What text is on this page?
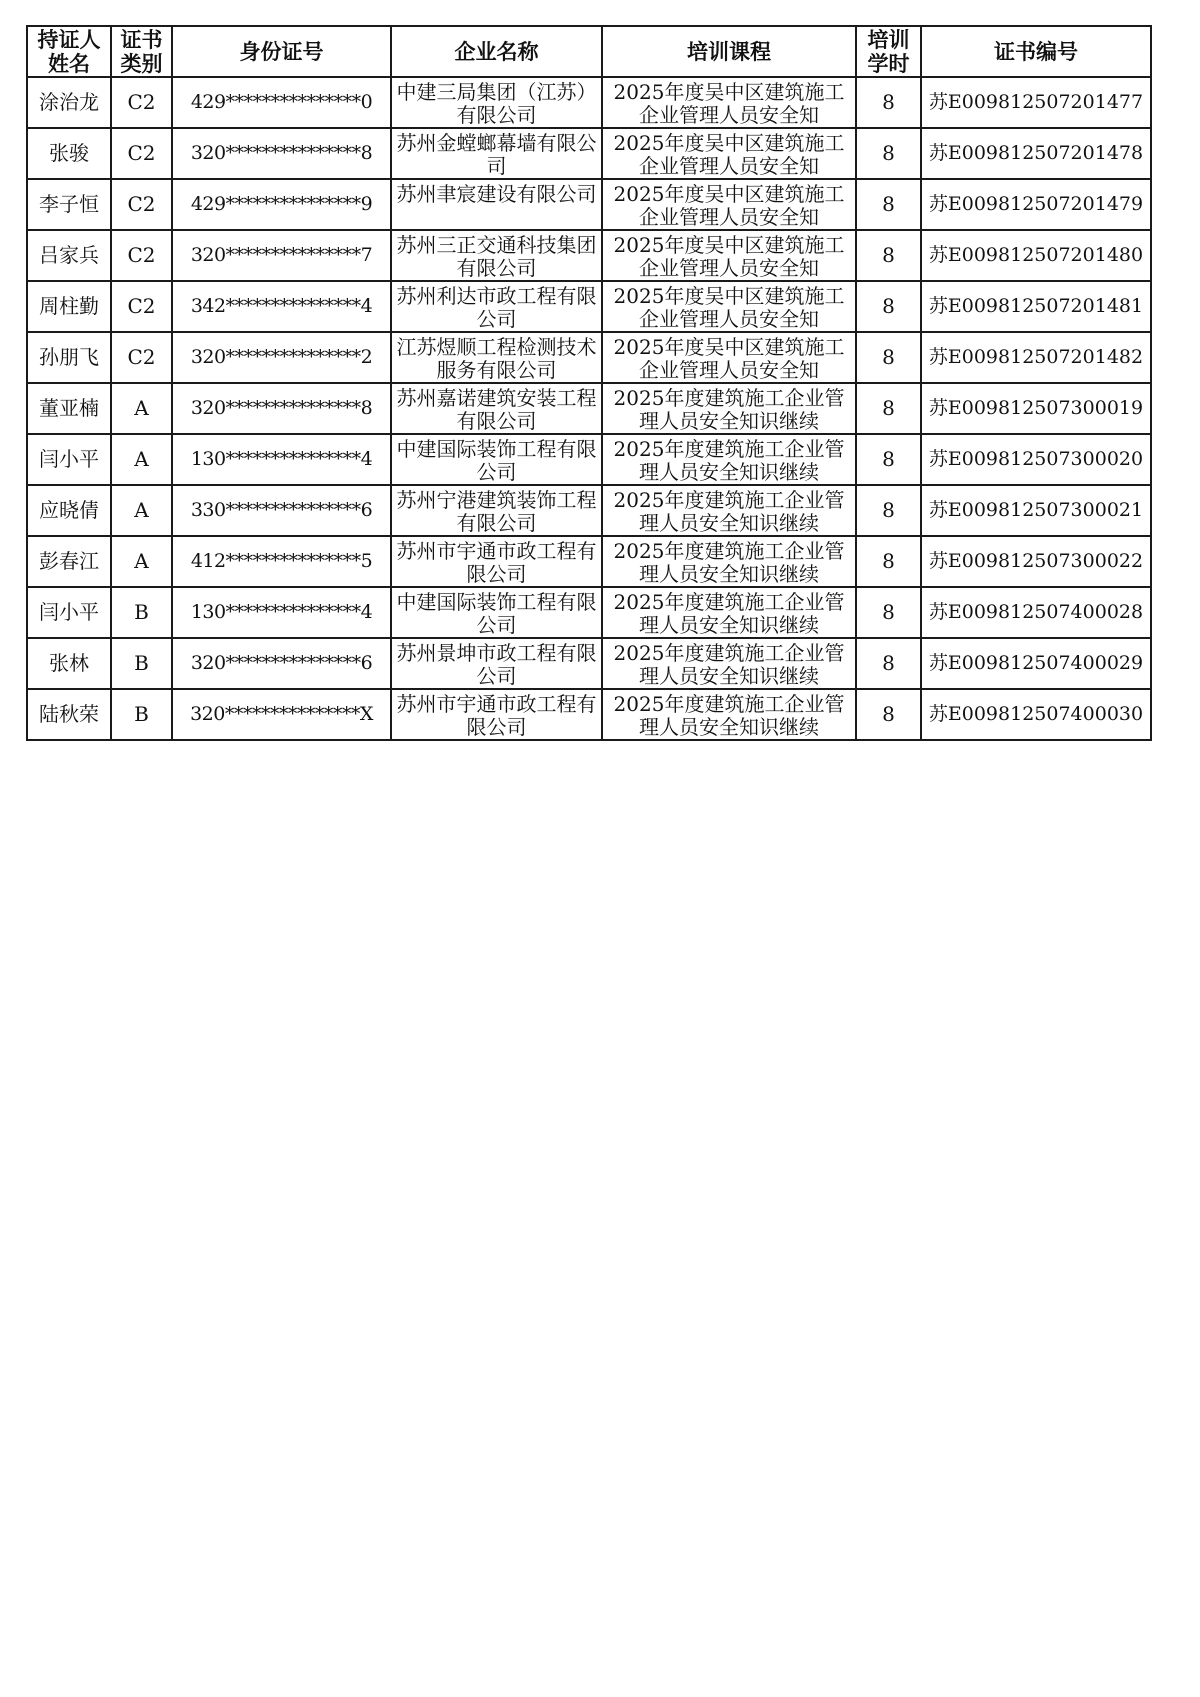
持证人姓名	证书类别	身份证号	企业名称	培训课程	培训学时	证书编号

涂治龙	C2	429***************0	中建三局集团（江苏）有限公司	2025年度吴中区建筑施工企业管理人员安全知	8	苏E009812507201477

张骏	C2	320***************8	苏州金螳螂幕墙有限公司	2025年度吴中区建筑施工企业管理人员安全知	8	苏E009812507201478

李子恒	C2	429***************9	苏州聿宸建设有限公司	2025年度吴中区建筑施工企业管理人员安全知	8	苏E009812507201479

吕家兵	C2	320***************7	苏州三正交通科技集团有限公司	2025年度吴中区建筑施工企业管理人员安全知	8	苏E009812507201480

周柱勤	C2	342***************4	苏州利达市政工程有限公司	2025年度吴中区建筑施工企业管理人员安全知	8	苏E009812507201481

孙朋飞	C2	320***************2	江苏煜顺工程检测技术服务有限公司	2025年度吴中区建筑施工企业管理人员安全知	8	苏E009812507201482

董亚楠	A	320***************8	苏州嘉诺建筑安装工程有限公司	2025年度建筑施工企业管理人员安全知识继续	8	苏E009812507300019

闫小平	A	130***************4	中建国际装饰工程有限公司	2025年度建筑施工企业管理人员安全知识继续	8	苏E009812507300020

应晓倩	A	330***************6	苏州宁港建筑装饰工程有限公司	2025年度建筑施工企业管理人员安全知识继续	8	苏E009812507300021

彭春江	A	412***************5	苏州市宇通市政工程有限公司	2025年度建筑施工企业管理人员安全知识继续	8	苏E009812507300022

闫小平	B	130***************4	中建国际装饰工程有限公司	2025年度建筑施工企业管理人员安全知识继续	8	苏E009812507400028

张林	B	320***************6	苏州景坤市政工程有限公司	2025年度建筑施工企业管理人员安全知识继续	8	苏E009812507400029

陆秋荣	B	320***************X	苏州市宇通市政工程有限公司	2025年度建筑施工企业管理人员安全知识继续	8	苏E009812507400030
